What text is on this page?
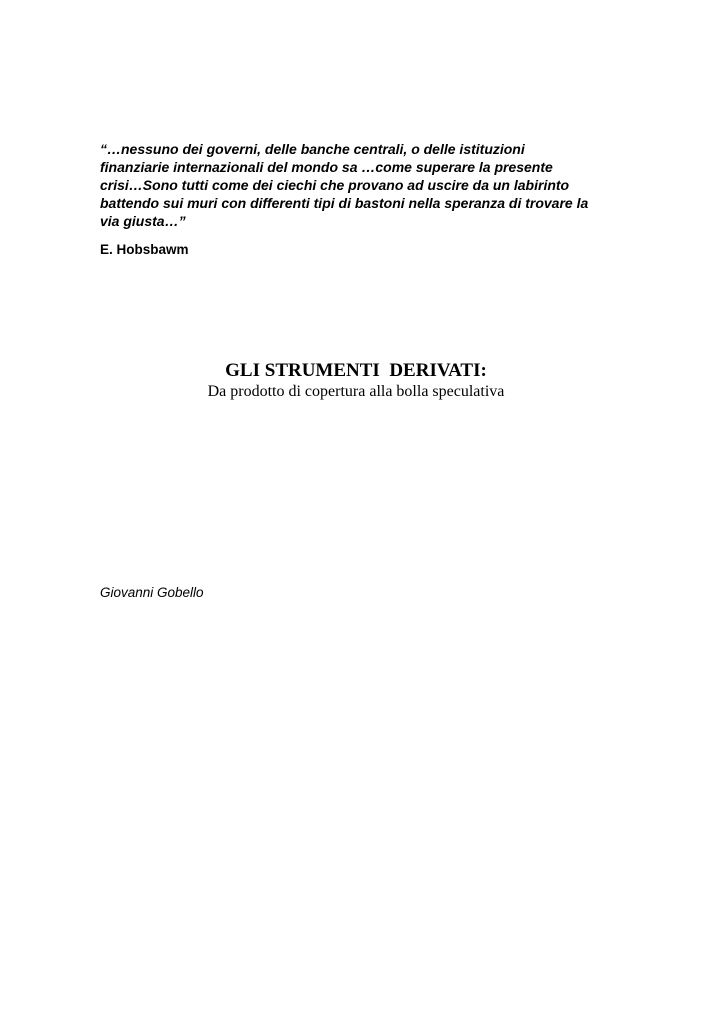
“…nessuno dei governi, delle banche centrali, o delle istituzioni
finanziarie internazionali del mondo sa …come superare la presente
crisi…Sono tutti come dei ciechi che provano ad uscire da un labirinto
battendo sui muri con differenti tipi di bastoni nella speranza di trovare la
via giusta…”
E. Hobsbawm
GLI STRUMENTI  DERIVATI:
Da prodotto di copertura alla bolla speculativa
Giovanni Gobello
